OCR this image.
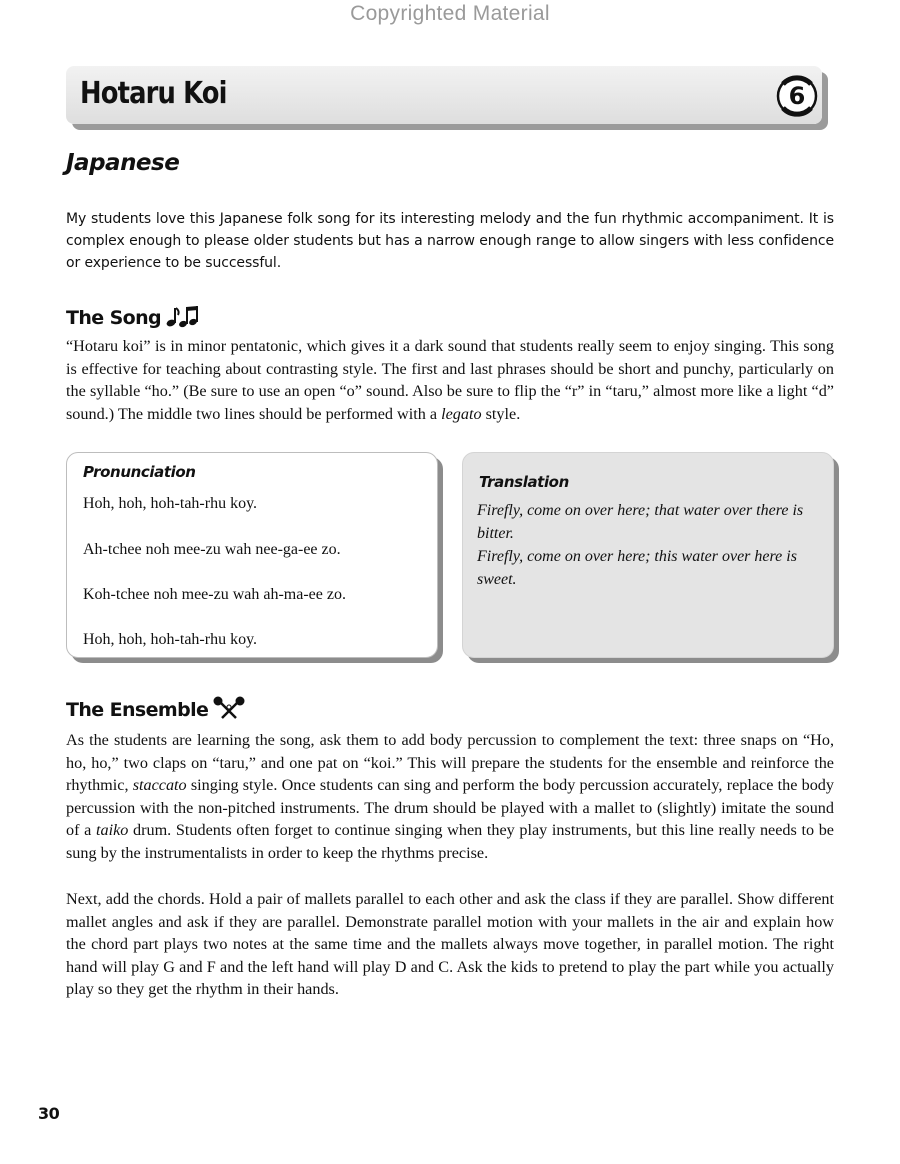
Copyrighted Material
Hotaru Koi	6
Japanese

My students love this Japanese folk song for its interesting melody and the fun rhythmic accompaniment. It is complex enough to please older students but has a narrow enough range to allow singers with less confidence or experience to be successful.

The Song

“Hotaru koi” is in minor pentatonic, which gives it a dark sound that students really seem to enjoy singing. This song is effective for teaching about contrasting style. The first and last phrases should be short and punchy, particularly on the syllable “ho.” (Be sure to use an open “o” sound. Also be sure to flip the “r” in “taru,” almost more like a light “d” sound.) The middle two lines should be performed with a legato style.

Pronunciation

Hoh, hoh, hoh-tah-rhu koy.

Ah-tchee noh mee-zu wah nee-ga-ee zo.

Koh-tchee noh mee-zu wah ah-ma-ee zo.

Hoh, hoh, hoh-tah-rhu koy.

Translation

Firefly, come on over here; that water over there is bitter.
Firefly, come on over here; this water over here is sweet.

The Ensemble

As the students are learning the song, ask them to add body percussion to complement the text: three snaps on “Ho, ho, ho,” two claps on “taru,” and one pat on “koi.” This will prepare the students for the ensemble and reinforce the rhythmic, staccato singing style. Once students can sing and perform the body percussion accurately, replace the body percussion with the non-pitched instruments. The drum should be played with a mallet to (slightly) imitate the sound of a taiko drum. Students often forget to continue singing when they play instruments, but this line really needs to be sung by the instrumentalists in order to keep the rhythms precise.

Next, add the chords. Hold a pair of mallets parallel to each other and ask the class if they are parallel. Show different mallet angles and ask if they are parallel. Demonstrate parallel motion with your mallets in the air and explain how the chord part plays two notes at the same time and the mallets always move together, in parallel motion. The right hand will play G and F and the left hand will play D and C. Ask the kids to pretend to play the part while you actually play so they get the rhythm in their hands.

30
